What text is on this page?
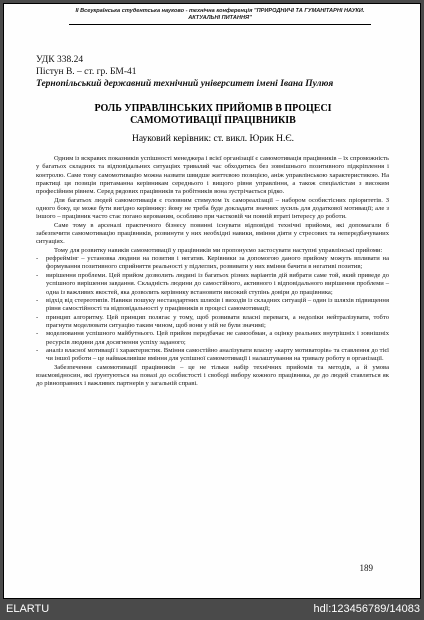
II Всеукраїнська студентська науково - технічна конференція "ПРИРОДНИЧІ ТА ГУМАНІТАРНІ НАУКИ.
АКТУАЛЬНІ ПИТАННЯ"
УДК 338.24
Пістун В. – ст. гр. БМ-41
Тернопільський державний технічний університет імені Івана Пулюя
РОЛЬ УПРАВЛІНСЬКИХ ПРИЙОМІВ В ПРОЦЕСІ
САМОМОТИВАЦІЇ ПРАЦІВНИКІВ
Науковий керівник: ст. викл. Юрик Н.Є.

Одним із вскравих показників успішності менеджера і всієї організації є самомотивація працівників – їх спроможність у багатьох складних та відповідальних ситуаціях тривалий час обходитись без зовнішнього позитивного підкріплення і контролю. Саме тому самомотивацію можна назвати швидше життєвою позицією, аніж управлінською характеристикою. На практиці ця позиція притаманна керівникам середнього і вищого рівня управління, а також спеціалістам з високим професійним рівнем. Серед рядових працівників та робітників вона зустрічається рідко.

Для багатьох людей самомотивація є головним стимулом їх самореалізації – набором особистісних пріоритетів. З одного боку, це може бути вигідно керівнику: йому не треба буде докладати значних зусиль для додаткової мотивації; але з іншого – працівник часто стає погано керованим, особливо при частковій чи повній втраті інтересу до роботи.

Саме тому в арсеналі практичного бізнесу повинні існувати відповідні технічні прийоми, які допомагали б забезпечити самомотивацію працівників, розвинути у них необхідні навики, вміння діяти у стресових та непередбачуваних ситуаціях.

Тому для розвитку навиків самомотивації у працівників ми пропонуємо застосувати наступні управлінські прийоми:

- рефреймінг – установка людини на позитив і негатив. Керівники за допомогою даного прийому можуть впливати на формування позитивного сприйняття реальності у підлеглих, розвивати у них вміння бачити в негативі позитив;
- вирішення проблеми. Цей прийом дозволить людині із багатьох різних варіантів дій вибрати саме той, який приведе до успішного вирішення завдання. Складність людини до самостійного, активного і відповідального вирішення проблеми – одна із важливих якостей, яка дозволить керівнику встановити високий ступінь довіри до працівника;
- відхід від стереотипів. Навики пошуку нестандартних шляхів і виходів із складних ситуацій – один із шляхів підвищення рівня самостійності та відповідальності у працівників в процесі самомотивації;
- принцип алгоритму. Цей принцип полягає у тому, щоб розвивати власні переваги, а недоліки нейтралізувати, тобто прагнути моделювати ситуацію таким чином, щоб вони у ній не були значимі;
- моделювання успішного майбутнього. Цей прийом передбачає не самообман, а оцінку реальних внутрішніх і зовнішніх ресурсів людини для досягнення успіху заданого;
- аналіз власної мотивації і характеристик. Вміння самостійно аналізувати власну «карту мотиваторів» та ставлення до тієї чи іншої роботи – це найважливіше вміння для успішної самомотивації і налаштування на тривалу роботу в організації.

Забезпечення самомотивації працівників – це не тільки набір технічних прийомів та методів, а й умова взаємовідносин, які ґрунтуються на повазі до особистості і свободі вибору кожного працівника, де до людей ставляться як до рівноправних і важливих партнерів у загальній справі.

189
ELARTU	hdl:123456789/14083
